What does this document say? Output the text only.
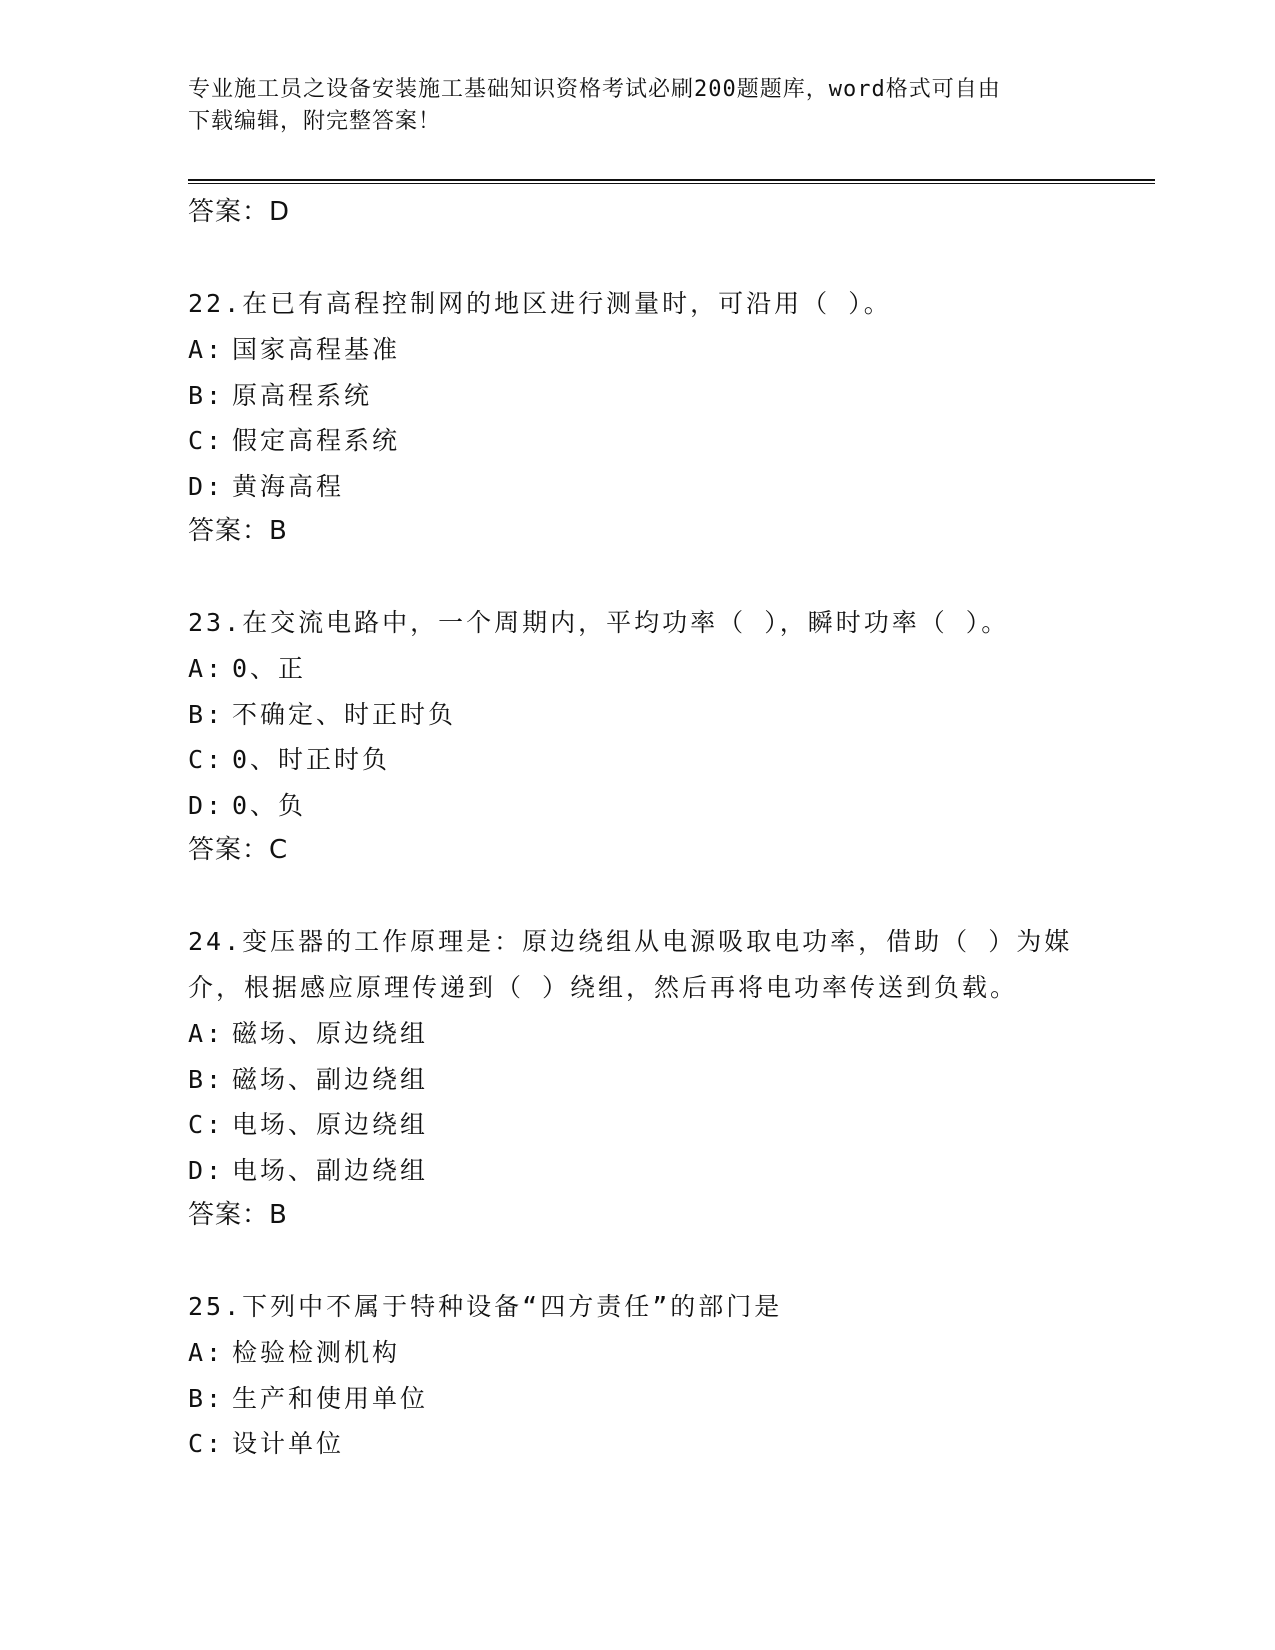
专业施工员之设备安装施工基础知识资格考试必刷200题题库，word格式可自由
下载编辑，附完整答案！
答案：D
22.在已有高程控制网的地区进行测量时，可沿用（ ）。
A: 国家高程基准
B: 原高程系统
C: 假定高程系统
D: 黄海高程
答案：B
23.在交流电路中，一个周期内，平均功率（ ），瞬时功率（ ）。
A: 0、正
B: 不确定、时正时负
C: 0、时正时负
D: 0、负
答案：C
24.变压器的工作原理是：原边绕组从电源吸取电功率，借助（ ）为媒介，根据感应原理传递到（ ）绕组，然后再将电功率传送到负载。
A: 磁场、原边绕组
B: 磁场、副边绕组
C: 电场、原边绕组
D: 电场、副边绕组
答案：B
25.下列中不属于特种设备“四方责任”的部门是
A: 检验检测机构
B: 生产和使用单位
C: 设计单位
